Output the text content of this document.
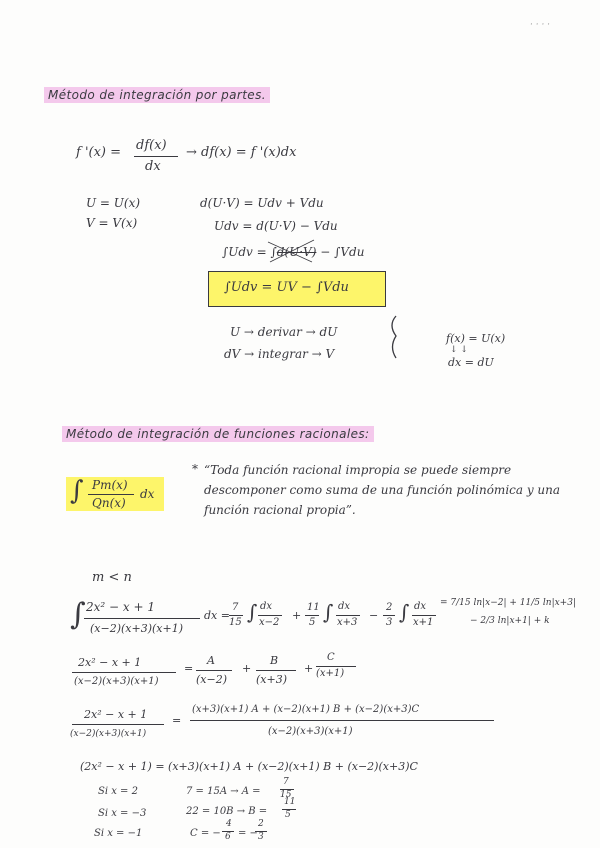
· · · ·
Método de integración por partes.
f '(x) = df(x)
dx
→ df(x) = f '(x)dx
U = U(x)
V = V(x)
d(U·V) = Udv + Vdu
Udv = d(U·V) − Vdu
∫Udv = ∫d(U·V) − ∫Vdu
∫Udv = UV − ∫Vdu
U → derivar → dU
dV → integrar → V
f(x) = U(x)
↓ ↓
dx = dU
Método de integración de funciones racionales:
∫ Pm(x)
Qn(x)
dx
* “Toda función racional impropia se puede siempre descomponer como suma de una función polinómica y una función racional propia”.
m < n
∫ 2x² − x + 1
(x−2)(x+3)(x+1)
dx =
7
15 ∫ dx
x−2
+
11
5 ∫ dx
x+3
−
2
3 ∫ dx
x+1
= 7/15 ln|x−2| + 11/5 ln|x+3|
− 2/3 ln|x+1| + k
2x² − x + 1
(x−2)(x+3)(x+1)
=
A
(x−2)
+
B
(x+3)
+
C
(x+1)
2x² − x + 1
(x−2)(x+3)(x+1)
=
(x+3)(x+1) A + (x−2)(x+1) B + (x−2)(x+3)C
(x−2)(x+3)(x+1)
(2x² − x + 1) = (x+3)(x+1) A + (x−2)(x+1) B + (x−2)(x+3)C
Si x = 2	7 = 15A → A =
7
15
Si x = −3	22 = 10B → B =
11
5
Si x = −1	C = −
4
6 = −
2
3
